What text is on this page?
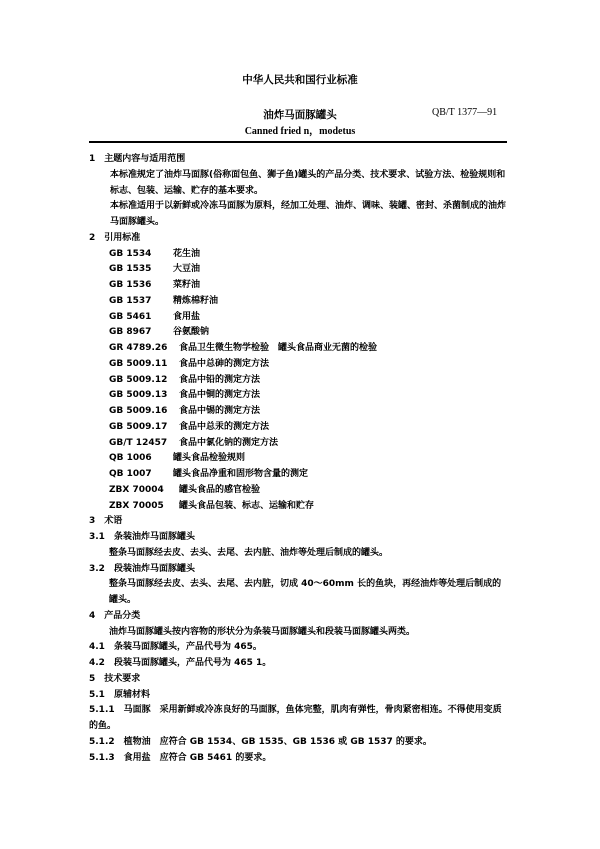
中华人民共和国行业标准
油炸马面豚罐头	QB/T 1377—91
Canned fried n，modetus
1　主题内容与适用范围
本标准规定了油炸马面豚(俗称面包鱼、狮子鱼)罐头的产品分类、技术要求、试验方法、检验规则和标志、包装、运输、贮存的基本要求。
本标准适用于以新鲜或冷冻马面豚为原料，经加工处理、油炸、调味、装罐、密封、杀菌制成的油炸马面豚罐头。
2　引用标准
GB 1534 花生油
GB 1535 大豆油
GB 1536 菜籽油
GB 1537 精炼棉籽油
GB 5461 食用盐
GB 8967 谷氨酸钠
GR 4789.26 食品卫生微生物学检验　罐头食品商业无菌的检验
GB 5009.11 食品中总砷的测定方法
GB 5009.12 食品中铅的测定方法
GB 5009.13 食品中铜的测定方法
GB 5009.16 食品中锡的测定方法
GB 5009.17 食品中总汞的测定方法
GB/T 12457 食品中氯化钠的测定方法
QB 1006 罐头食品检验规则
QB 1007 罐头食品净重和固形物含量的测定
ZBX 70004 罐头食品的感官检验
ZBX 70005 罐头食品包装、标志、运输和贮存
3　术语
3.1　条装油炸马面豚罐头
整条马面豚经去皮、去头、去尾、去内脏、油炸等处理后制成的罐头。
3.2　段装油炸马面豚罐头
整条马面豚经去皮、去头、去尾、去内脏，切成 40～60mm 长的鱼块，再经油炸等处理后制成的罐头。
4　产品分类
油炸马面豚罐头按内容物的形状分为条装马面豚罐头和段装马面豚罐头两类。
4.1　条装马面豚罐头，产品代号为 465。
4.2　段装马面豚罐头，产品代号为 465 1。
5　技术要求
5.1　原辅材料
5.1.1　马面豚　采用新鲜或冷冻良好的马面豚，鱼体完整，肌肉有弹性，骨肉紧密相连。不得使用变质的鱼。
5.1.2　植物油　应符合 GB 1534、GB 1535、GB 1536 或 GB 1537 的要求。
5.1.3　食用盐　应符合 GB 5461 的要求。
